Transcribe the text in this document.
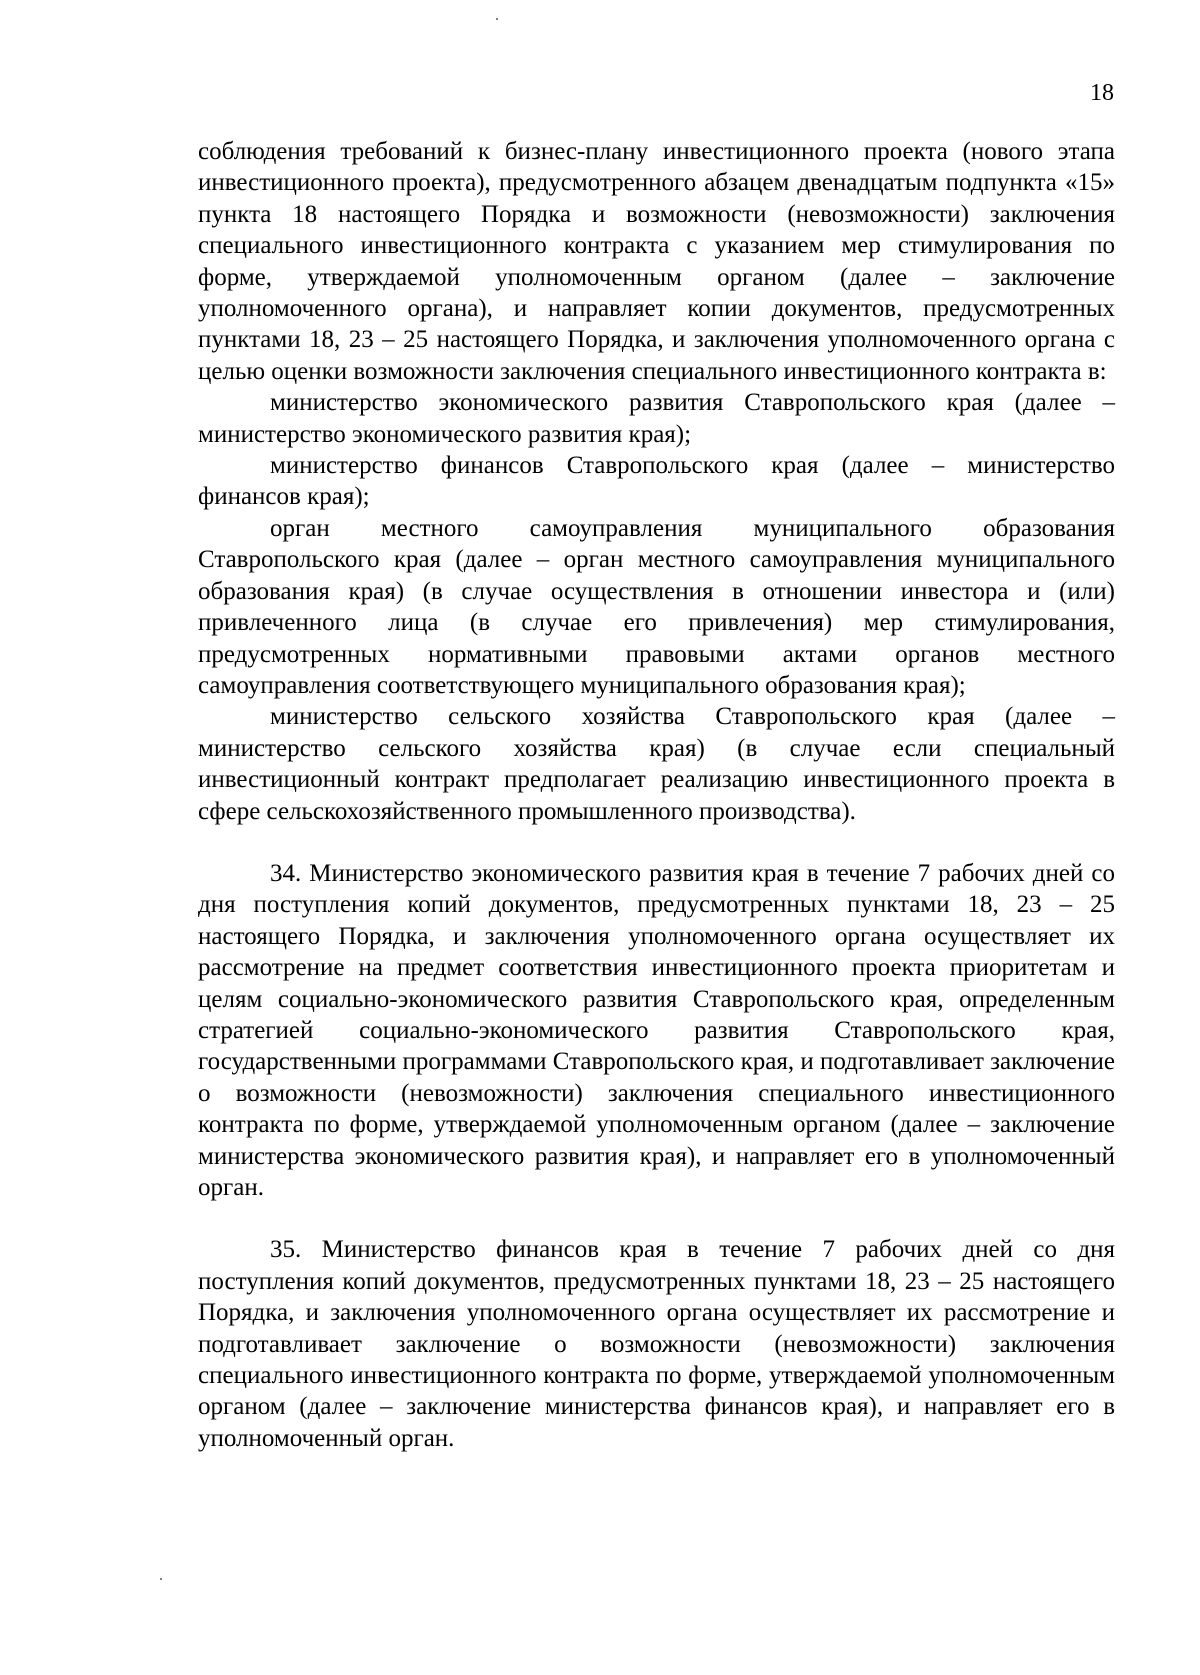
18

соблюдения требований к бизнес-плану инвестиционного проекта (нового этапа инвестиционного проекта), предусмотренного абзацем двенадцатым подпункта «15» пункта 18 настоящего Порядка и возможности (невозможности) заключения специального инвестиционного контракта с указанием мер стимулирования по форме, утверждаемой уполномоченным органом (далее – заключение уполномоченного органа), и направляет копии документов, предусмотренных пунктами 18, 23 – 25 настоящего Порядка, и заключения уполномоченного органа с целью оценки возможности заключения специального инвестиционного контракта в:

министерство экономического развития Ставропольского края (далее – министерство экономического развития края);

министерство финансов Ставропольского края (далее – министерство финансов края);

орган местного самоуправления муниципального образования Ставропольского края (далее – орган местного самоуправления муниципального образования края) (в случае осуществления в отношении инвестора и (или) привлеченного лица (в случае его привлечения) мер стимулирования, предусмотренных нормативными правовыми актами органов местного самоуправления соответствующего муниципального образования края);

министерство сельского хозяйства Ставропольского края (далее – министерство сельского хозяйства края) (в случае если специальный инвестиционный контракт предполагает реализацию инвестиционного проекта в сфере сельскохозяйственного промышленного производства).

34. Министерство экономического развития края в течение 7 рабочих дней со дня поступления копий документов, предусмотренных пунктами 18, 23 – 25 настоящего Порядка, и заключения уполномоченного органа осуществляет их рассмотрение на предмет соответствия инвестиционного проекта приоритетам и целям социально-экономического развития Ставропольского края, определенным стратегией социально-экономического развития Ставропольского края, государственными программами Ставропольского края, и подготавливает заключение о возможности (невозможности) заключения специального инвестиционного контракта по форме, утверждаемой уполномоченным органом (далее – заключение министерства экономического развития края), и направляет его в уполномоченный орган.

35. Министерство финансов края в течение 7 рабочих дней со дня поступления копий документов, предусмотренных пунктами 18, 23 – 25 настоящего Порядка, и заключения уполномоченного органа осуществляет их рассмотрение и подготавливает заключение о возможности (невозможности) заключения специального инвестиционного контракта по форме, утверждаемой уполномоченным органом (далее – заключение министерства финансов края), и направляет его в уполномоченный орган.
